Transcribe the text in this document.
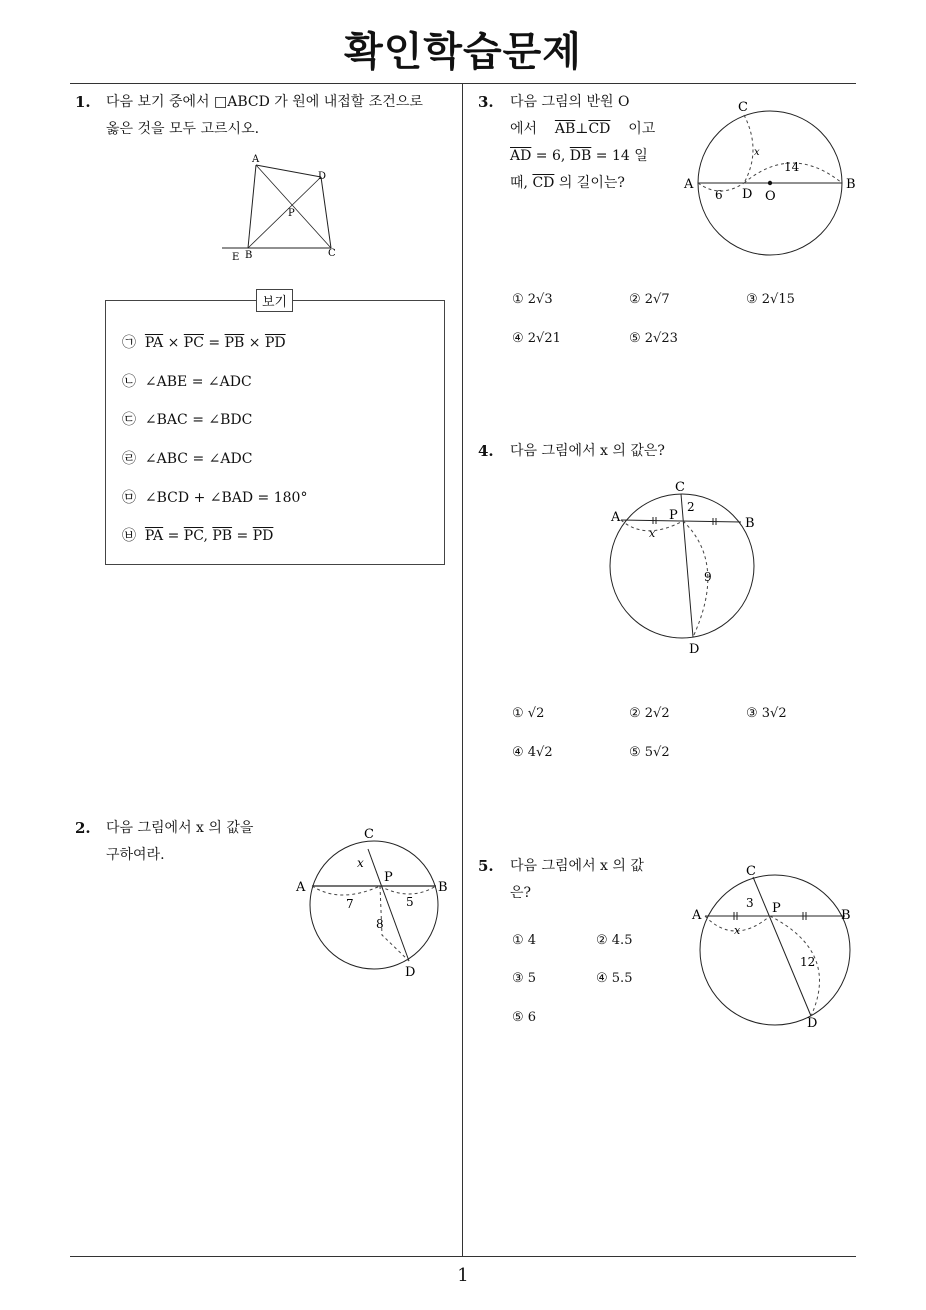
확인학습문제
1
1. 다음 보기 중에서 □ABCD 가 원에 내접할 조건으로
옳은 것을 모두 고르시오.
A
D
P
B	C
E
보기
㉠ $\overline{PA} \times \overline{PC} = \overline{PB} \times \overline{PD}$
㉡ ∠ABE = ∠ADC
㉢ ∠BAC = ∠BDC
㉣ ∠ABC = ∠ADC
㉤ ∠BCD + ∠BAD = 180°
㉥ $\overline{PA} = \overline{PC}$, $\overline{PB} = \overline{PD}$
2. 다음 그림에서 x 의 값을
구하여라.
C
A	B
P
D
x
7	5
8
3. 다음 그림의 반원 O
에서 $\overline{AB}\perp\overline{CD}$ 이고
$\overline{AD} = 6$, $\overline{DB} = 14$ 일
때, $\overline{CD}$ 의 길이는?
C
A	B
D O
6
14
x
① 2√3	② 2√7	③ 2√15
④ 2√21	⑤ 2√23
4. 다음 그림에서 x 의 값은?
C
A	B
P
D
2
9
x
① √2	② 2√2	③ 3√2
④ 4√2	⑤ 5√2
5. 다음 그림에서 x 의 값
은?
① 4	② 4.5
③ 5	④ 5.5
⑤ 6
C
A	B
P
D
3
12
x
